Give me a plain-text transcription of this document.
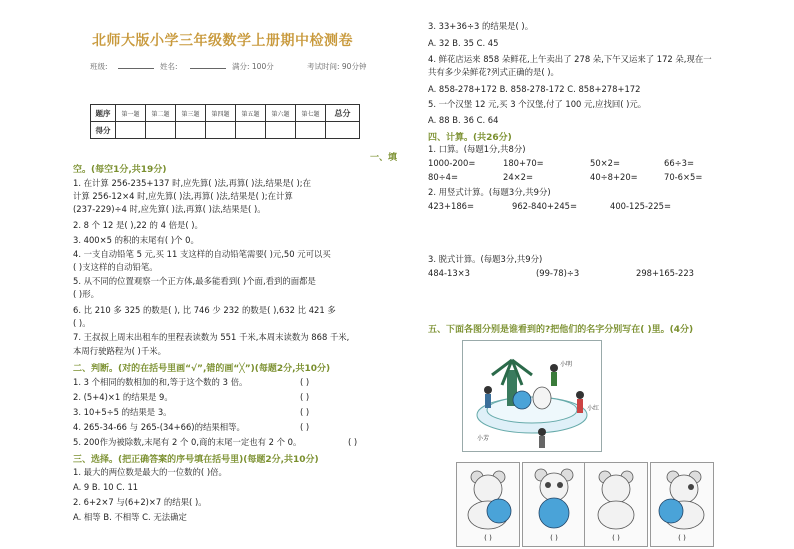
北师大版小学三年级数学上册期中检测卷
班级:	姓名:	满分: 100分	考试时间: 90分钟
题序	第一题	第二题	第三题	第四题	第五题	第六题	第七题	总分
得分								
一、填
空。(每空1分,共19分)
1. 在计算 256-235+137 时,应先算( )法,再算( )法,结果是( );在
计算 256-12×4 时,应先算( )法,再算( )法,结果是( );在计算
(237-229)÷4 时,应先算( )法,再算( )法,结果是( )。
2. 8 个 12 是( ),22 的 4 倍是( )。
3. 400×5 的积的末尾有( )个 0。
4. 一支自动铅笔 5 元,买 11 支这样的自动铅笔需要( )元,50 元可以买
( )支这样的自动铅笔。
5. 从不同的位置观察一个正方体,最多能看到( )个面,看到的面都是
( )形。
6. 比 210 多 325 的数是( ), 比 746 少 232 的数是( ),632 比 421 多
( )。
7. 王叔叔上周末出租车的里程表读数为 551 千米,本周末读数为 868 千米,
本周行驶路程为( )千米。
二、判断。(对的在括号里画“√”,错的画“╳”)(每题2分,共10分)
1. 3 个相同的数相加的和,等于这个数的 3 倍。	( )
2. (5+4)×1 的结果是 9。	( )
3. 10+5÷5 的结果是 3。	( )
4. 265-34-66 与 265-(34+66)的结果相等。	( )
5. 200作为被除数,末尾有 2 个 0,商的末尾一定也有 2 个 0。	( )
三、选择。(把正确答案的序号填在括号里)(每题2分,共10分)
1. 最大的两位数是最大的一位数的( )倍。
A. 9 B. 10 C. 11
2. 6+2×7 与(6+2)×7 的结果( )。
A. 相等 B. 不相等 C. 无法确定
3. 33+36÷3 的结果是( )。
A. 32 B. 35 C. 45
4. 鲜花店运来 858 朵鲜花,上午卖出了 278 朵,下午又运来了 172 朵,现在一
共有多少朵鲜花?列式正确的是( )。
A. 858-278+172 B. 858-278-172 C. 858+278+172
5. 一个汉堡 12 元,买 3 个汉堡,付了 100 元,应找回( )元。
A. 88 B. 36 C. 64
四、计算。(共26分)
1. 口算。(每题1分,共8分)
1000-200=	180+70=	50×2=	66÷3=
80÷4=	24×2=	40÷8+20=	70-6×5=
2. 用竖式计算。(每题3分,共9分)
423+186=	962-840+245=	400-125-225=
3. 脱式计算。(每题3分,共9分)
484-13×3	(99-78)÷3	298+165-223
五、下面各图分别是谁看到的?把他们的名字分别写在( )里。(4分)
小明
小红
小芳
( )	( )	( )	( )
